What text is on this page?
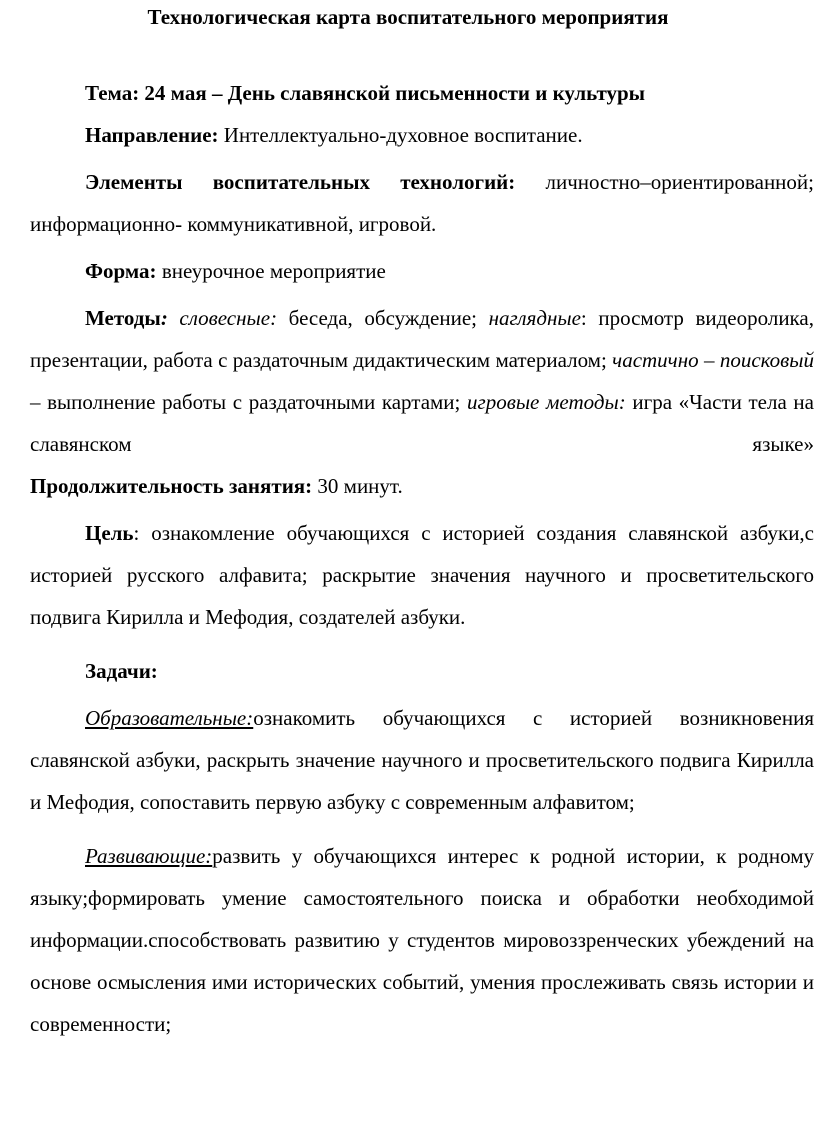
Технологическая карта воспитательного мероприятия

Тема: 24 мая – День славянской письменности и культуры

Направление: Интеллектуально-духовное воспитание.

Элементы воспитательных технологий: личностно–ориентированной; информационно- коммуникативной, игровой.

Форма: внеурочное мероприятие

Методы: словесные: беседа, обсуждение; наглядные: просмотр видеоролика, презентации, работа с раздаточным дидактическим материалом; частично – поисковый – выполнение работы с раздаточными картами; игровые методы: игра «Части тела на славянском языке»

Продолжительность занятия: 30 минут.

Цель: ознакомление обучающихся с историей создания славянской азбуки,с историей русского алфавита; раскрытие значения научного и просветительского подвига Кирилла и Мефодия, создателей азбуки.

Задачи:

Образовательные:ознакомить обучающихся с историей возникновения славянской азбуки, раскрыть значение научного и просветительского подвига Кирилла и Мефодия, сопоставить первую азбуку с современным алфавитом;

Развивающие:развить у обучающихся интерес к родной истории, к родному языку;формировать умение самостоятельного поиска и обработки необходимой информации.способствовать развитию у студентов мировоззренческих убеждений на основе осмысления ими исторических событий, умения прослеживать связь истории и современности;
